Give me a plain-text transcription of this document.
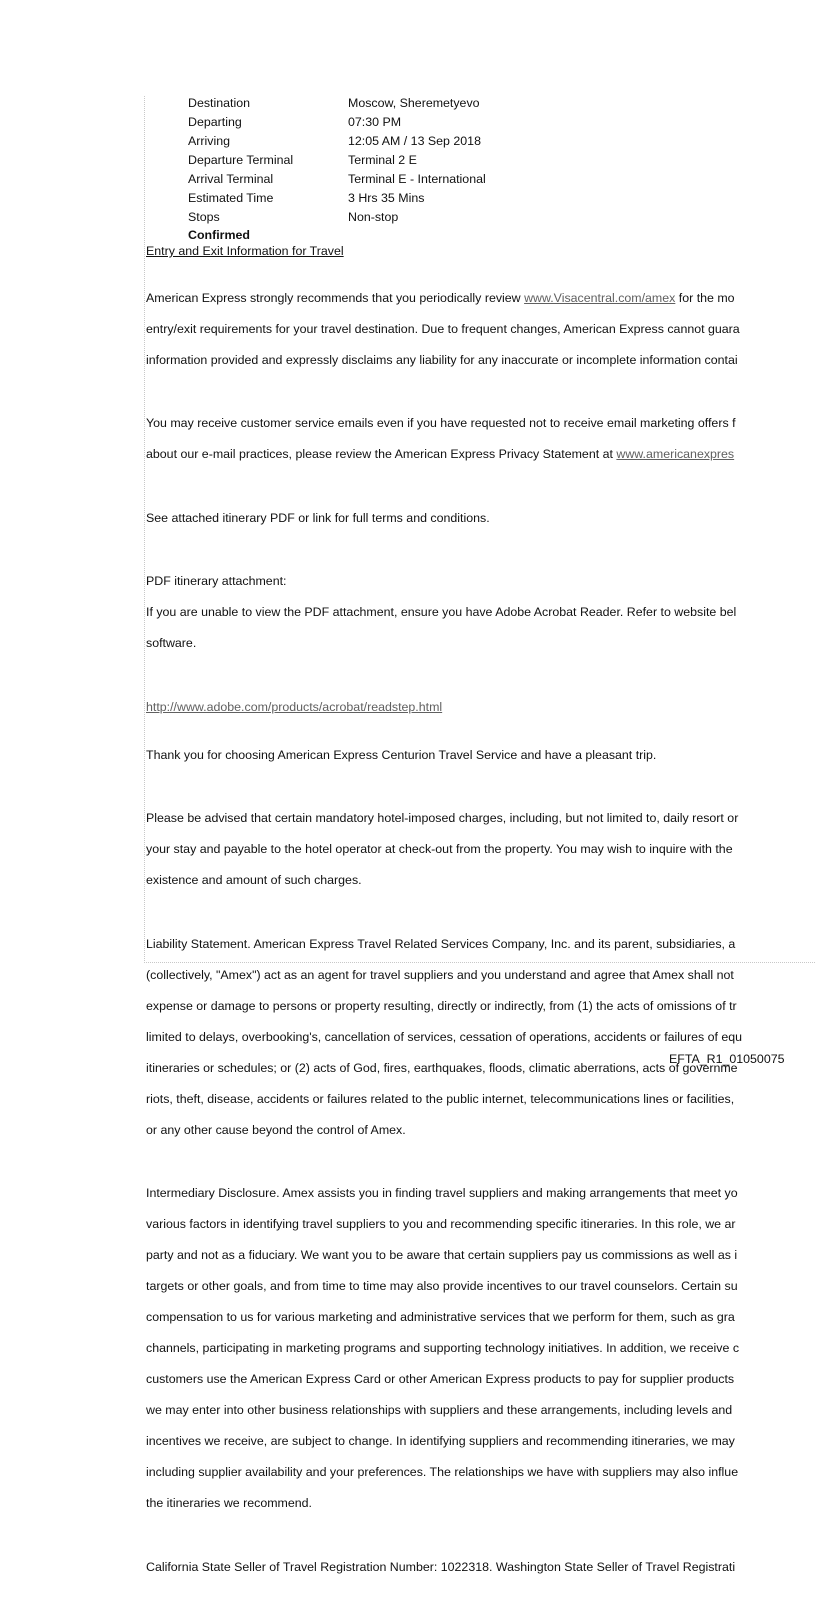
Destination	Moscow, Sheremetyevo
Departing	07:30 PM
Arriving	12:05 AM / 13 Sep 2018
Departure Terminal	Terminal 2 E
Arrival Terminal	Terminal E - International
Estimated Time	3 Hrs 35 Mins
Stops	Non-stop
Confirmed
Entry and Exit Information for Travel

American Express strongly recommends that you periodically review www.Visacentral.com/amex for the mo

entry/exit requirements for your travel destination. Due to frequent changes, American Express cannot guara

information provided and expressly disclaims any liability for any inaccurate or incomplete information contai

You may receive customer service emails even if you have requested not to receive email marketing offers f

about our e-mail practices, please review the American Express Privacy Statement at www.americanexpres

See attached itinerary PDF or link for full terms and conditions.

PDF itinerary attachment:

If you are unable to view the PDF attachment, ensure you have Adobe Acrobat Reader. Refer to website bel

software.

http://www.adobe.com/products/acrobat/readstep.html

Thank you for choosing American Express Centurion Travel Service and have a pleasant trip.

Please be advised that certain mandatory hotel-imposed charges, including, but not limited to, daily resort or

your stay and payable to the hotel operator at check-out from the property. You may wish to inquire with the

existence and amount of such charges.

Liability Statement. American Express Travel Related Services Company, Inc. and its parent, subsidiaries, a

(collectively, "Amex") act as an agent for travel suppliers and you understand and agree that Amex shall not

expense or damage to persons or property resulting, directly or indirectly, from (1) the acts of omissions of tr

limited to delays, overbooking's, cancellation of services, cessation of operations, accidents or failures of equ

itineraries or schedules; or (2) acts of God, fires, earthquakes, floods, climatic aberrations, acts of governme

riots, theft, disease, accidents or failures related to the public internet, telecommunications lines or facilities,

or any other cause beyond the control of Amex.

Intermediary Disclosure. Amex assists you in finding travel suppliers and making arrangements that meet yo

various factors in identifying travel suppliers to you and recommending specific itineraries. In this role, we ar

party and not as a fiduciary. We want you to be aware that certain suppliers pay us commissions as well as i

targets or other goals, and from time to time may also provide incentives to our travel counselors. Certain su

compensation to us for various marketing and administrative services that we perform for them, such as gra

channels, participating in marketing programs and supporting technology initiatives. In addition, we receive c

customers use the American Express Card or other American Express products to pay for supplier products

we may enter into other business relationships with suppliers and these arrangements, including levels and

incentives we receive, are subject to change. In identifying suppliers and recommending itineraries, we may

including supplier availability and your preferences. The relationships we have with suppliers may also influe

the itineraries we recommend.

California State Seller of Travel Registration Number: 1022318. Washington State Seller of Travel Registrati

EFTA_R1_01050075
